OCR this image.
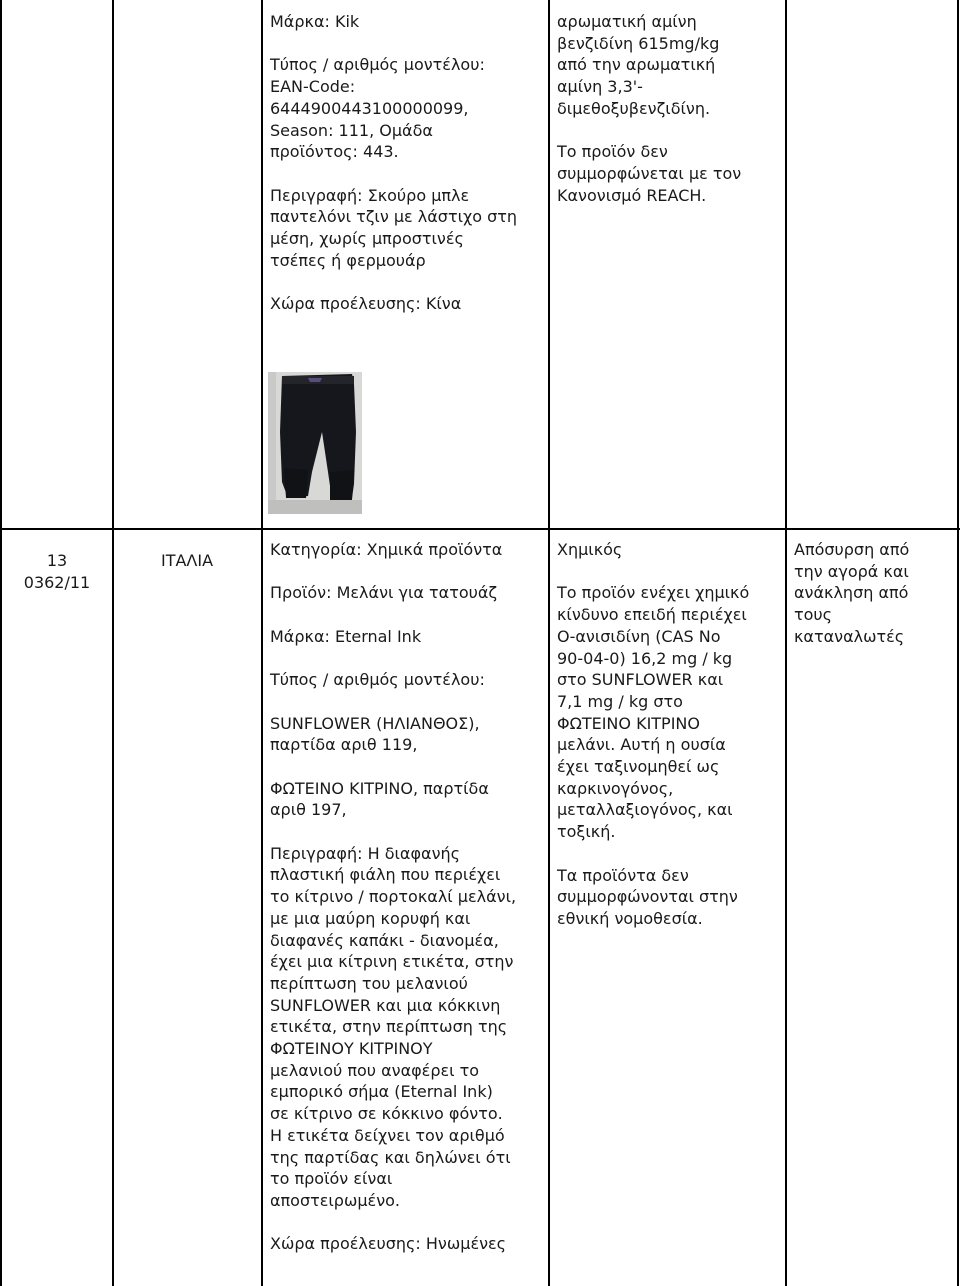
Μάρκα: Kik

Τύπος / αριθμός μοντέλου:

EAN-Code:

6444900443100000099,

Season: 111, Ομάδα

προϊόντος: 443.

Περιγραφή: Σκούρο μπλε

παντελόνι τζιν με λάστιχο στη

μέση, χωρίς μπροστινές

τσέπες ή φερμουάρ

Χώρα προέλευσης: Κίνα

αρωματική αμίνη

βενζιδίνη 615mg/kg

από την αρωματική

αμίνη 3,3'-

διμεθοξυβενζιδίνη.

Το προϊόν δεν

συμμορφώνεται με τον

Κανονισμό REACH.

13

0362/11

ΙΤΑΛΙΑ

Κατηγορία: Χημικά προϊόντα

Προϊόν: Μελάνι για τατουάζ

Μάρκα: Eternal Ink

Τύπος / αριθμός μοντέλου:

SUNFLOWER (ΗΛΙΑΝΘΟΣ),

παρτίδα αριθ 119,

ΦΩΤΕΙΝΟ ΚΙΤΡΙΝΟ, παρτίδα

αριθ 197,

Περιγραφή: Η διαφανής

πλαστική φιάλη που περιέχει

το κίτρινο / πορτοκαλί μελάνι,

με μια μαύρη κορυφή και

διαφανές καπάκι - διανομέα,

έχει μια κίτρινη ετικέτα, στην

περίπτωση του μελανιού

SUNFLOWER και μια κόκκινη

ετικέτα, στην περίπτωση της

ΦΩΤΕΙΝΟΥ ΚΙΤΡΙΝΟΥ

μελανιού που αναφέρει το

εμπορικό σήμα (Eternal Ink)

σε κίτρινο σε κόκκινο φόντο.

Η ετικέτα δείχνει τον αριθμό

της παρτίδας και δηλώνει ότι

το προϊόν είναι

αποστειρωμένο.

Χώρα προέλευσης: Ηνωμένες

Χημικός

Το προϊόν ενέχει χημικό

κίνδυνο επειδή περιέχει

Ο-ανισιδίνη (CAS No

90-04-0) 16,2 mg / kg

στο SUNFLOWER και

7,1 mg / kg στο

ΦΩΤΕΙΝΟ ΚΙΤΡΙΝΟ

μελάνι. Αυτή η ουσία

έχει ταξινομηθεί ως

καρκινογόνος,

μεταλλαξιογόνος, και

τοξική.

Τα προϊόντα δεν

συμμορφώνονται στην

εθνική νομοθεσία.

Απόσυρση από

την αγορά και

ανάκληση από

τους

καταναλωτές
